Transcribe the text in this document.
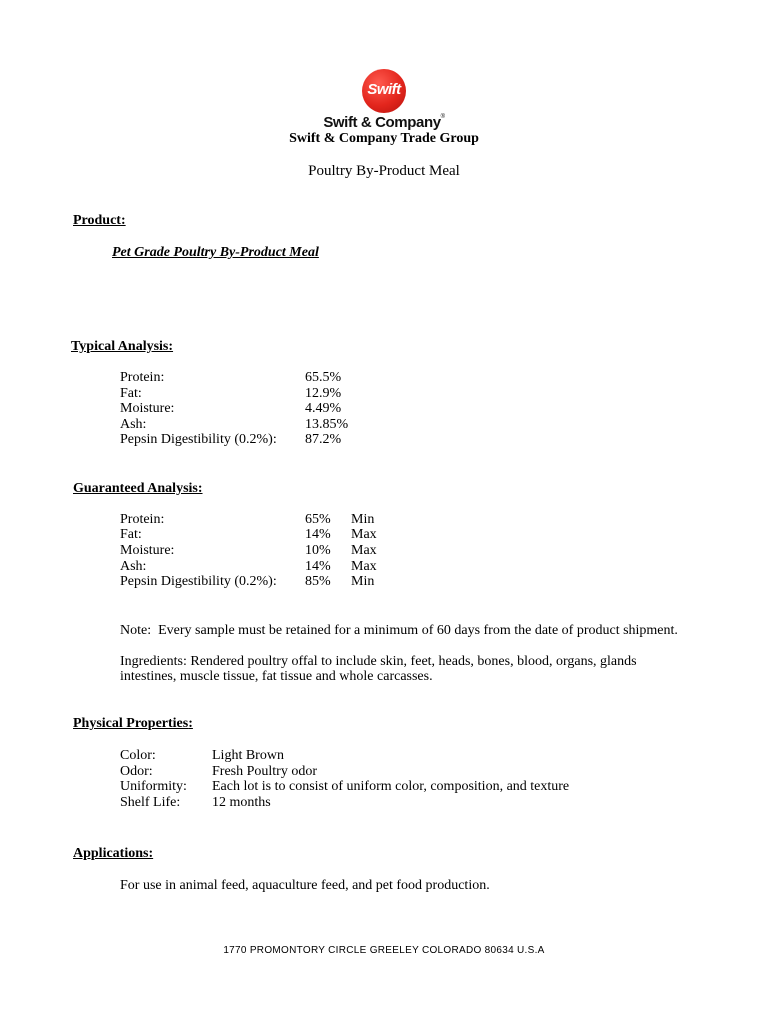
Swift
Swift & Company®
Swift & Company Trade Group
Poultry By-Product Meal
Product:
Pet Grade Poultry By-Product Meal
Typical Analysis:
Protein:	65.5%
Fat:	12.9%
Moisture:	4.49%
Ash:	13.85%
Pepsin Digestibility (0.2%): 87.2%
Guaranteed Analysis:
Protein:	65% Min
Fat:	14% Max
Moisture:	10% Max
Ash:	14% Max
Pepsin Digestibility (0.2%): 85% Min
Note:  Every sample must be retained for a minimum of 60 days from the date of product shipment.
Ingredients: Rendered poultry offal to include skin, feet, heads, bones, blood, organs, glands
intestines, muscle tissue, fat tissue and whole carcasses.
Physical Properties:
Color:	Light Brown
Odor:	Fresh Poultry odor
Uniformity: Each lot is to consist of uniform color, composition, and texture
Shelf Life: 12 months
Applications:
For use in animal feed, aquaculture feed, and pet food production.
1770 PROMONTORY CIRCLE GREELEY COLORADO 80634 U.S.A
